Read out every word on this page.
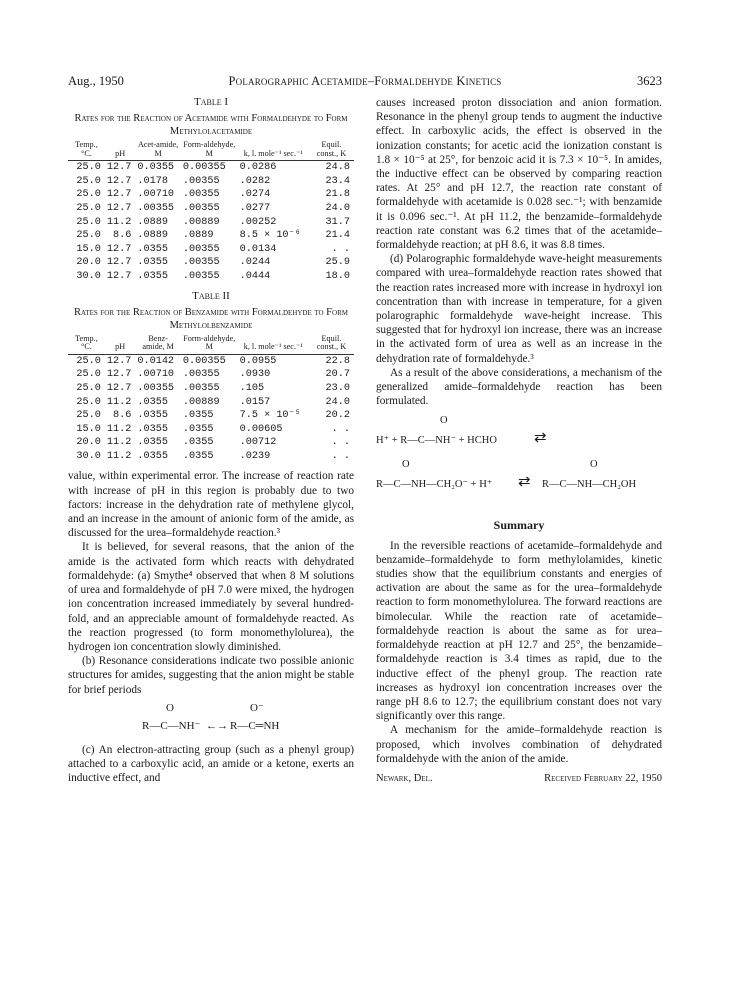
Aug., 1950	Polarographic Acetamide–Formaldehyde Kinetics	3623
Table I
Rates for the Reaction of Acetamide with Formaldehyde to Form Methylolacetamide
Temp., °C.	pH	Acet-amide, M	Form-aldehyde, M	k, l. mole⁻¹ sec.⁻¹	Equil. const., K
25.0	12.7	0.0355	0.00355	0.0286	24.8
25.0	12.7	.0178	.00355	.0282	23.4
25.0	12.7	.00710	.00355	.0274	21.8
25.0	12.7	.00355	.00355	.0277	24.0
25.0	11.2	.0889	.00889	.00252	31.7
25.0	8.6	.0889	.0889	8.5 × 10⁻⁶	21.4
15.0	12.7	.0355	.00355	0.0134	. .
20.0	12.7	.0355	.00355	.0244	25.9
30.0	12.7	.0355	.00355	.0444	18.0
Table II
Rates for the Reaction of Benzamide with Formaldehyde to Form Methylolbenzamide
Temp., °C.	pH	Benz-amide, M	Form-aldehyde, M	k, l. mole⁻¹ sec.⁻¹	Equil. const., K
25.0	12.7	0.0142	0.00355	0.0955	22.8
25.0	12.7	.00710	.00355	.0930	20.7
25.0	12.7	.00355	.00355	.105	23.0
25.0	11.2	.0355	.00889	.0157	24.0
25.0	8.6	.0355	.0355	7.5 × 10⁻⁵	20.2
15.0	11.2	.0355	.0355	0.00605	. .
20.0	11.2	.0355	.0355	.00712	. .
30.0	11.2	.0355	.0355	.0239	. .

value, within experimental error. The increase of reaction rate with increase of pH in this region is probably due to two factors: increase in the dehydration rate of methylene glycol, and an increase in the amount of anionic form of the amide, as discussed for the urea–formaldehyde reaction.³

It is believed, for several reasons, that the anion of the amide is the activated form which reacts with dehydrated formaldehyde: (a) Smythe⁴ observed that when 8 M solutions of urea and formaldehyde of pH 7.0 were mixed, the hydrogen ion concentration increased immediately by several hundred-fold, and an appreciable amount of formaldehyde reacted. As the reaction progressed (to form monomethylolurea), the hydrogen ion concentration slowly diminished.

(b) Resonance considerations indicate two possible anionic structures for amides, suggesting that the anion might be stable for brief periods

O
R—C—NH⁻ ←→
O⁻
R—C═NH

(c) An electron-attracting group (such as a phenyl group) attached to a carboxylic acid, an amide or a ketone, exerts an inductive effect, and

causes increased proton dissociation and anion formation. Resonance in the phenyl group tends to augment the inductive effect. In carboxylic acids, the effect is observed in the ionization constants; for acetic acid the ionization constant is 1.8 × 10⁻⁵ at 25°, for benzoic acid it is 7.3 × 10⁻⁵. In amides, the inductive effect can be observed by comparing reaction rates. At 25° and pH 12.7, the reaction rate constant of formaldehyde with acetamide is 0.028 sec.⁻¹; with benzamide it is 0.096 sec.⁻¹. At pH 11.2, the benzamide–formaldehyde reaction rate constant was 6.2 times that of the acetamide–formaldehyde reaction; at pH 8.6, it was 8.8 times.

(d) Polarographic formaldehyde wave-height measurements compared with urea–formaldehyde reaction rates showed that the reaction rates increased more with increase in hydroxyl ion concentration than with increase in temperature, for a given polarographic formaldehyde wave-height increase. This suggested that for hydroxyl ion increase, there was an increase in the activated form of urea as well as an increase in the dehydration rate of formaldehyde.³

As a result of the above considerations, a mechanism of the generalized amide–formaldehyde reaction has been formulated.

O
H⁺ + R—C—NH⁻ + HCHO ⇄
O	O
R—C—NH—CH₂O⁻ + H⁺ ⇄ R—C—NH—CH₂OH
Summary

In the reversible reactions of acetamide–formaldehyde and benzamide–formaldehyde to form methylolamides, kinetic studies show that the equilibrium constants and energies of activation are about the same as for the urea–formaldehyde reaction to form monomethylolurea. The forward reactions are bimolecular. While the reaction rate of acetamide–formaldehyde reaction is about the same as for urea–formaldehyde reaction at pH 12.7 and 25°, the benzamide–formaldehyde reaction is 3.4 times as rapid, due to the inductive effect of the phenyl group. The reaction rate increases as hydroxyl ion concentration increases over the range pH 8.6 to 12.7; the equilibrium constant does not vary significantly over this range.

A mechanism for the amide–formaldehyde reaction is proposed, which involves combination of dehydrated formaldehyde with the anion of the amide.

Newark, Del.	Received February 22, 1950
